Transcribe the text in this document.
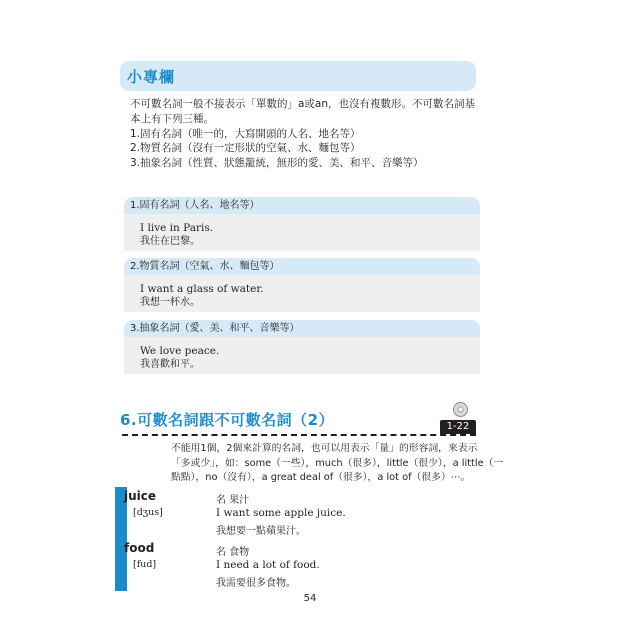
小專欄
不可數名詞一般不接表示「單數的」a或an，也沒有複數形。不可數名詞基
本上有下列三種。
1.固有名詞（唯一的，大寫開頭的人名、地名等）
2.物質名詞（沒有一定形狀的空氣、水、麵包等）
3.抽象名詞（性質、狀態籠統，無形的愛、美、和平、音樂等）
1.固有名詞（人名、地名等）
I live in Paris.
我住在巴黎。
2.物質名詞（空氣、水、麵包等）
I want a glass of water.
我想一杯水。
3.抽象名詞（愛、美、和平、音樂等）
We love peace.
我喜歡和平。
6.可數名詞跟不可數名詞（2）	1-22
不能用1個，2個來計算的名詞，也可以用表示「量」的形容詞，來表示
「多或少」，如：some（一些），much（很多），little（很少），a little（一
點點），no（沒有），a great deal of（很多），a lot of（很多）⋯。
juice
[dʒus]
名 果汁
I want some apple juice.
我想要一點蘋果汁。
food
[fud]
名 食物
I need a lot of food.
我需要很多食物。
54
